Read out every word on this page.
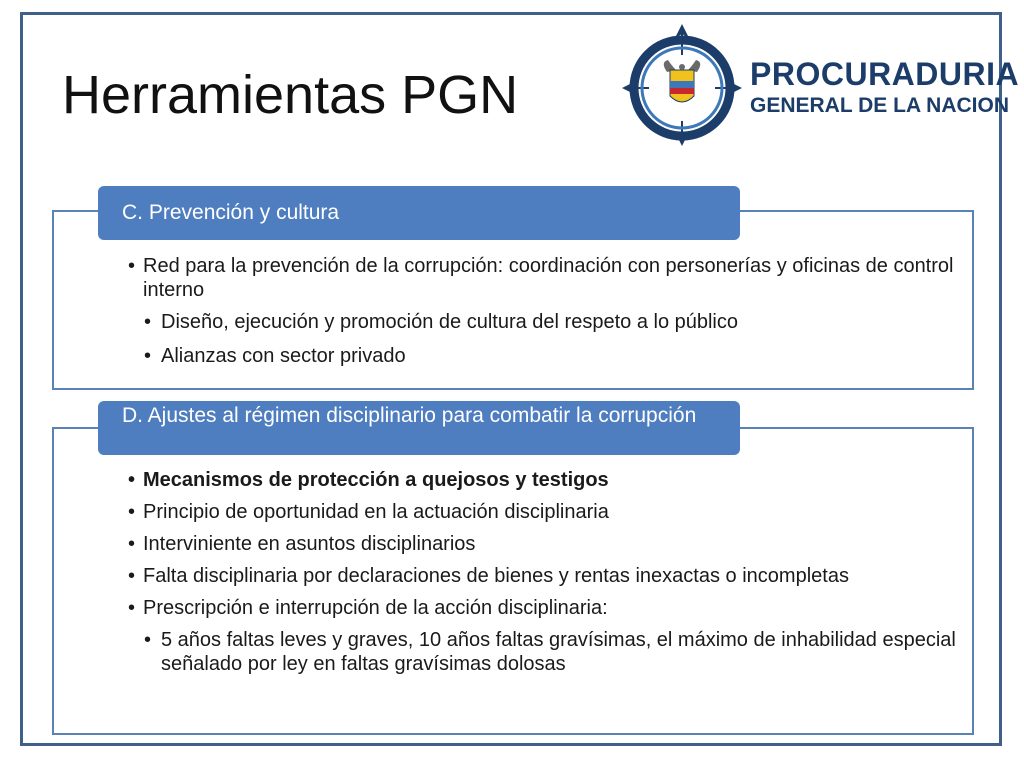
Herramientas PGN	PROCURADURIA
GENERAL DE LA NACION
C. Prevención y cultura
• Red para la prevención de la corrupción: coordinación con personerías y oficinas de control interno
• Diseño, ejecución y promoción de cultura del respeto a lo público
• Alianzas con sector privado
D. Ajustes al régimen disciplinario para combatir la corrupción
• Mecanismos de protección a quejosos y testigos
• Principio de oportunidad en la actuación disciplinaria
• Interviniente en asuntos disciplinarios
• Falta disciplinaria por declaraciones de bienes y rentas inexactas o incompletas
• Prescripción e interrupción de la acción disciplinaria:
• 5 años faltas leves y graves, 10 años faltas gravísimas, el máximo de inhabilidad especial señalado por ley en faltas gravísimas dolosas
